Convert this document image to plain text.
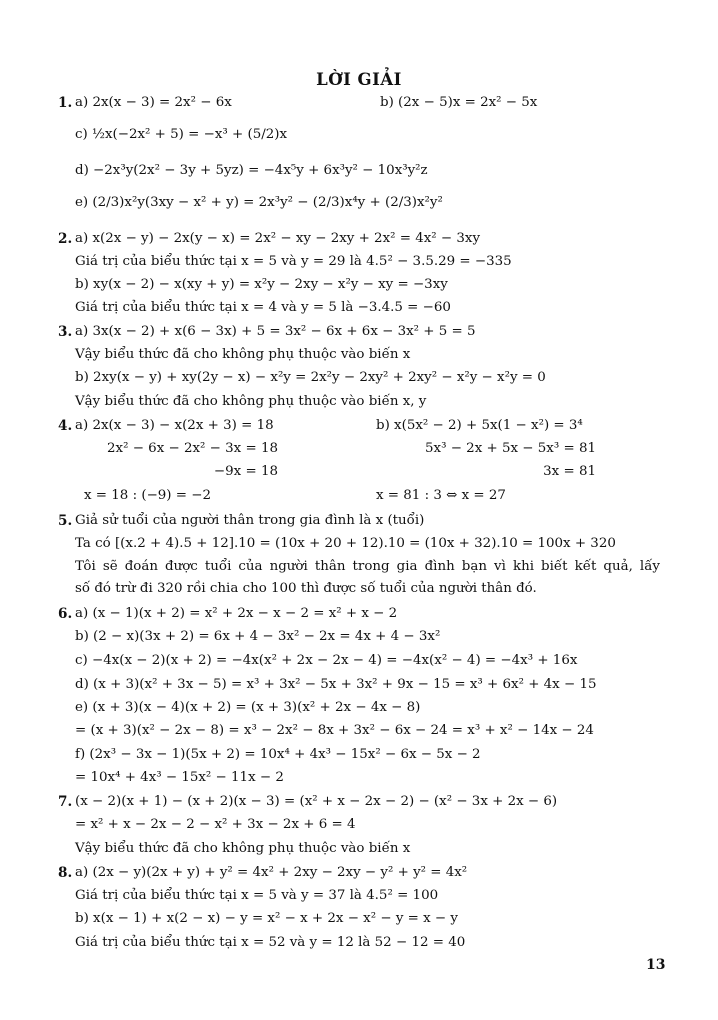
LỜI GIẢI
1. a) 2x(x − 3) = 2x² − 6x	b) (2x − 5)x = 2x² − 5x
c) ½x(−2x² + 5) = −x³ + (5/2)x
d) −2x³y(2x² − 3y + 5yz) = −4x⁵y + 6x³y² − 10x³y²z
e) (2/3)x²y(3xy − x² + y) = 2x³y² − (2/3)x⁴y + (2/3)x²y²
2. a) x(2x − y) − 2x(y − x) = 2x² − xy − 2xy + 2x² = 4x² − 3xy
Giá trị của biểu thức tại x = 5 và y = 29 là 4.5² − 3.5.29 = −335
b) xy(x − 2) − x(xy + y) = x²y − 2xy − x²y − xy = −3xy
Giá trị của biểu thức tại x = 4 và y = 5 là −3.4.5 = −60
3. a) 3x(x − 2) + x(6 − 3x) + 5 = 3x² − 6x + 6x − 3x² + 5 = 5
Vậy biểu thức đã cho không phụ thuộc vào biến x
b) 2xy(x − y) + xy(2y − x) − x²y = 2x²y − 2xy² + 2xy² − x²y − x²y = 0
Vậy biểu thức đã cho không phụ thuộc vào biến x, y
4. a) 2x(x − 3) − x(2x + 3) = 18	b) x(5x² − 2) + 5x(1 − x²) = 3⁴
2x² − 6x − 2x² − 3x = 18	5x³ − 2x + 5x − 5x³ = 81
−9x = 18	3x = 81
x = 18 : (−9) = −2	x = 81 : 3 ⇔ x = 27
5. Giả sử tuổi của người thân trong gia đình là x (tuổi)
Ta có [(x.2 + 4).5 + 12].10 = (10x + 20 + 12).10 = (10x + 32).10 = 100x + 320
Tôi sẽ đoán được tuổi của người thân trong gia đình bạn vì khi biết kết quả, lấy
số đó trừ đi 320 rồi chia cho 100 thì được số tuổi của người thân đó.
6. a) (x − 1)(x + 2) = x² + 2x − x − 2 = x² + x − 2
b) (2 − x)(3x + 2) = 6x + 4 − 3x² − 2x = 4x + 4 − 3x²
c) −4x(x − 2)(x + 2) = −4x(x² + 2x − 2x − 4) = −4x(x² − 4) = −4x³ + 16x
d) (x + 3)(x² + 3x − 5) = x³ + 3x² − 5x + 3x² + 9x − 15 = x³ + 6x² + 4x − 15
e) (x + 3)(x − 4)(x + 2) = (x + 3)(x² + 2x − 4x − 8)
= (x + 3)(x² − 2x − 8) = x³ − 2x² − 8x + 3x² − 6x − 24 = x³ + x² − 14x − 24
f) (2x³ − 3x − 1)(5x + 2) = 10x⁴ + 4x³ − 15x² − 6x − 5x − 2
= 10x⁴ + 4x³ − 15x² − 11x − 2
7. (x − 2)(x + 1) − (x + 2)(x − 3) = (x² + x − 2x − 2) − (x² − 3x + 2x − 6)
= x² + x − 2x − 2 − x² + 3x − 2x + 6 = 4
Vậy biểu thức đã cho không phụ thuộc vào biến x
8. a) (2x − y)(2x + y) + y² = 4x² + 2xy − 2xy − y² + y² = 4x²
Giá trị của biểu thức tại x = 5 và y = 37 là 4.5² = 100
b) x(x − 1) + x(2 − x) − y = x² − x + 2x − x² − y = x − y
Giá trị của biểu thức tại x = 52 và y = 12 là 52 − 12 = 40
13
